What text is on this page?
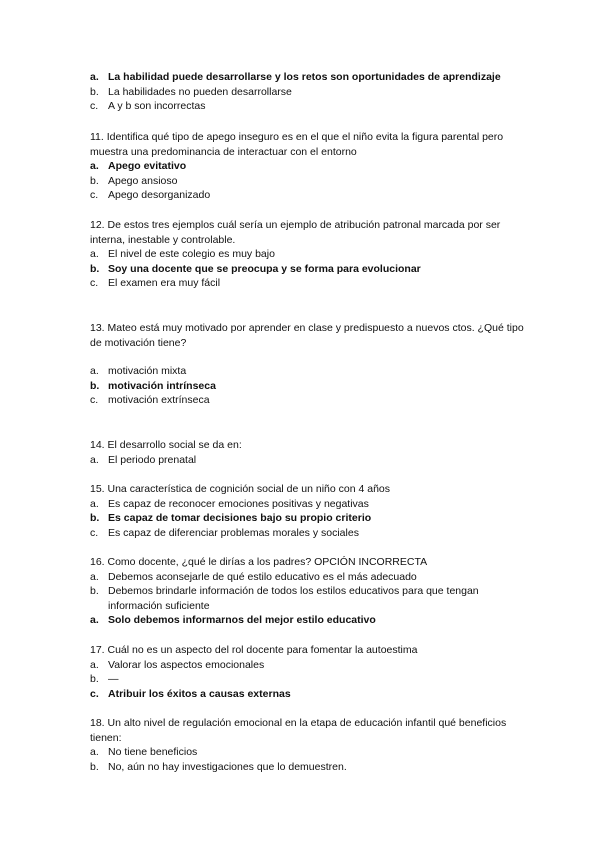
a. La habilidad puede desarrollarse y los retos son oportunidades de aprendizaje

b. La habilidades no pueden desarrollarse

c. A y b son incorrectas

11. Identifica qué tipo de apego inseguro es en el que el niño evita la figura parental pero muestra una predominancia de interactuar con el entorno

a. Apego evitativo

b. Apego ansioso

c. Apego desorganizado

12. De estos tres ejemplos cuál sería un ejemplo de atribución patronal marcada por ser interna, inestable y controlable.

a. El nivel de este colegio es muy bajo

b. Soy una docente que se preocupa y se forma para evolucionar

c. El examen era muy fácil

13. Mateo está muy motivado por aprender en clase y predispuesto a nuevos ctos. ¿Qué tipo de motivación tiene?

a. motivación mixta

b. motivación intrínseca

c. motivación extrínseca

14. El desarrollo social se da en:

a. El periodo prenatal

15. Una característica de cognición social de un niño con 4 años

a. Es capaz de reconocer emociones positivas y negativas

b. Es capaz de tomar decisiones bajo su propio criterio

c. Es capaz de diferenciar problemas morales y sociales

16. Como docente, ¿qué le dirías a los padres? OPCIÓN INCORRECTA

a. Debemos aconsejarle de qué estilo educativo es el más adecuado

b. Debemos brindarle información de todos los estilos educativos para que tengan información suficiente

a. Solo debemos informarnos del mejor estilo educativo

17. Cuál no es un aspecto del rol docente para fomentar la autoestima

a. Valorar los aspectos emocionales

b. —

c. Atribuir los éxitos a causas externas

18. Un alto nivel de regulación emocional en la etapa de educación infantil qué beneficios tienen:

a. No tiene beneficios

b. No, aún no hay investigaciones que lo demuestren.
